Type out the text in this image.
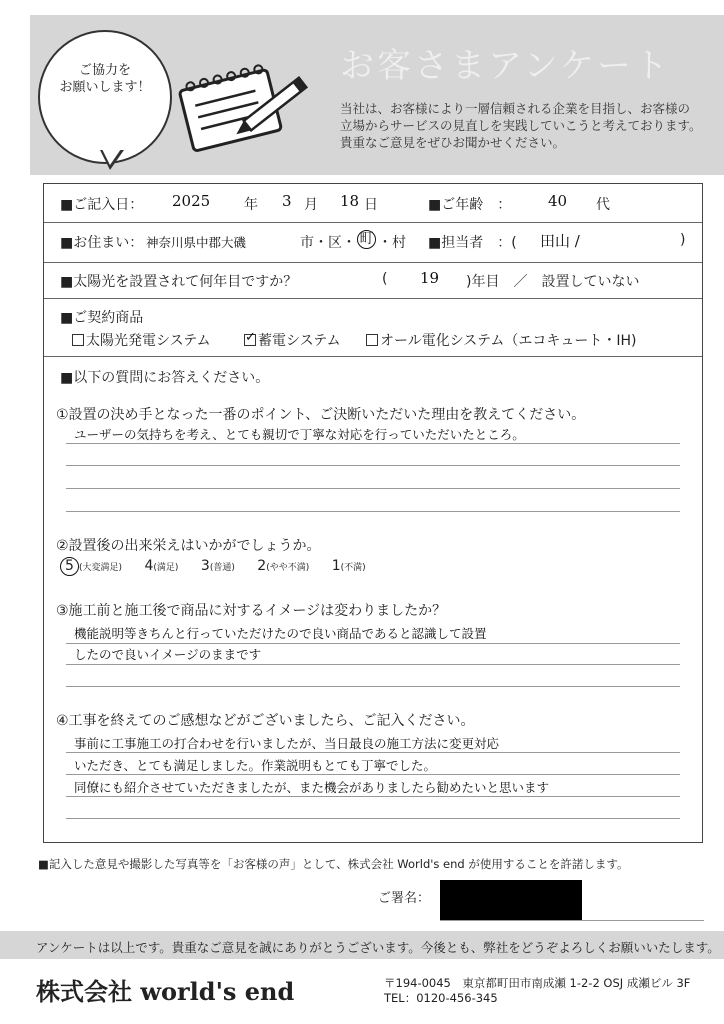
お客さまアンケート
当社は、お客様により一層信頼される企業を目指し、お客様の
立場からサービスの見直しを実践していこうと考えております。
貴重なご意見をぜひお聞かせください。
ご協力を
お願いします！
■ご記入日： 2025 年 3 月 18 日	■ご年齢　： 40 代
■お住まい： 神奈川県中郡大磯	市・区・ 町 ・村 ■担当者　：( 田山 /	)
■太陽光を設置されて何年目ですか？	( 19 )年目　／　設置していない
■ご契約商品
太陽光発電システム
✓	蓄電システム	オール電化システム（エコキュート・IH)
■以下の質問にお答えください。
①設置の決め手となった一番のポイント、ご決断いただいた理由を教えてください。
ユーザーの気持ちを考え、とても親切で丁寧な対応を行っていただいたところ。
②設置後の出来栄えはいかがでしょうか。
5 (大変満足) 4(満足) 3(普通) 2(やや不満) 1(不満)
③施工前と施工後で商品に対するイメージは変わりましたか？
機能説明等きちんと行っていただけたので良い商品であると認識して設置
したので良いイメージのままです
④工事を終えてのご感想などがございましたら、ご記入ください。
事前に工事施工の打合わせを行いましたが、当日最良の施工方法に変更対応
いただき、とても満足しました。作業説明もとても丁寧でした。
同僚にも紹介させていただきましたが、また機会がありましたら勧めたいと思います
■記入した意見や撮影した写真等を「お客様の声」として、株式会社 World's end が使用することを許諾します。
ご署名：
アンケートは以上です。貴重なご意見を誠にありがとうございます。今後とも、弊社をどうぞよろしくお願いいたします。
株式会社 world's end	〒194-0045　東京都町田市南成瀬 1-2-2 OSJ 成瀬ビル 3F
TEL：0120-456-345
